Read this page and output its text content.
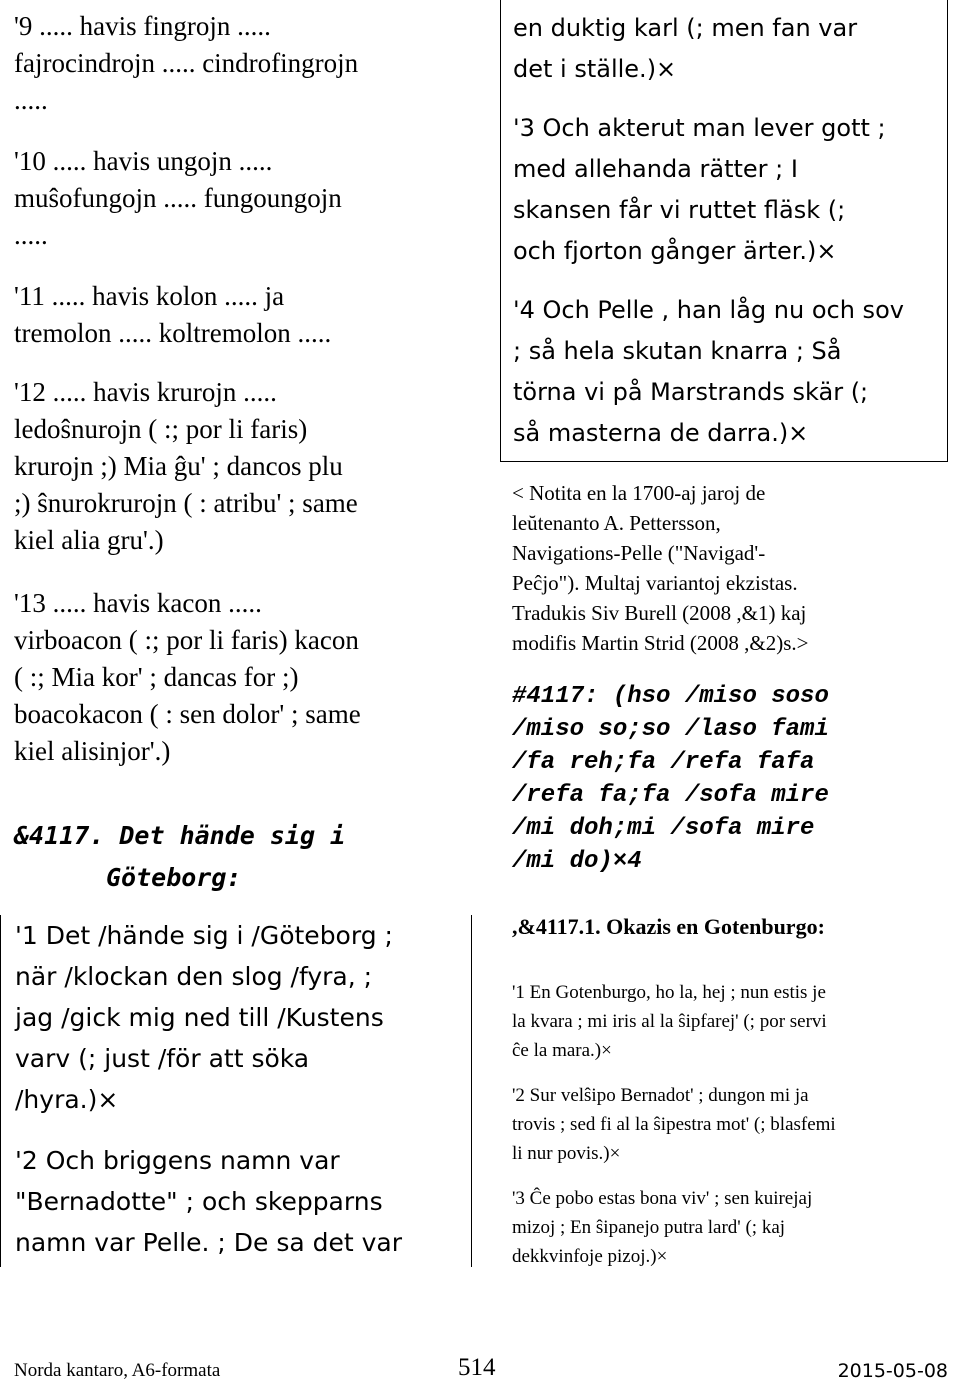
'9 ..... havis fingrojn .....
fajrocindrojn ..... cindrofingrojn
.....

'10 ..... havis ungojn .....
muŝofungojn ..... fungoungojn
.....

'11 ..... havis kolon ..... ja
tremolon ..... koltremolon .....

'12 ..... havis krurojn .....
ledoŝnurojn ( :; por li faris)
krurojn ;) Mia ĝu' ; dancos plu
;) ŝnurokrurojn ( : atribu' ; same
kiel alia gru'.)

'13 ..... havis kacon .....
virboacon ( :; por li faris) kacon
( :; Mia kor' ; dancas for ;)
boacokacon ( : sen dolor' ; same
kiel alisinjor'.)

&4117. Det hände sig i
Göteborg:

'1 Det /hände sig i /Göteborg ;
när /klockan den slog /fyra, ;
jag /gick mig ned till /Kustens
varv (; just /för att söka
/hyra.)×

'2 Och briggens namn var
"Bernadotte" ; och skepparns
namn var Pelle. ; De sa det var

en duktig karl (; men fan var
det i ställe.)×

'3 Och akterut man lever gott ;
med allehanda rätter ; I
skansen får vi ruttet fläsk (;
och fjorton gånger ärter.)×

'4 Och Pelle , han låg nu och sov
; så hela skutan knarra ; Så
törna vi på Marstrands skär (;
så masterna de darra.)×

< Notita en la 1700-aj jaroj de
leŭtenanto A. Pettersson,
Navigations-Pelle ("Navigad'-
Peĉjo"). Multaj variantoj ekzistas.
Tradukis Siv Burell (2008 ,&1) kaj
modifis Martin Strid (2008 ,&2)s.>

#4117: (hso /miso soso
/miso so;so /laso fami
/fa reh;fa /refa fafa
/refa fa;fa /sofa mire
/mi doh;mi /sofa mire
/mi do)×4

,&4117.1. Okazis en Gotenburgo:

'1 En Gotenburgo, ho la, hej ; nun estis je
la kvara ; mi iris al la ŝipfarej' (; por servi
ĉe la mara.)×

'2 Sur velŝipo Bernadot' ; dungon mi ja
trovis ; sed fi al la ŝipestra mot' (; blasfemi
li nur povis.)×

'3 Ĉe pobo estas bona viv' ; sen kuirejaj
mizoj ; En ŝipanejo putra lard' (; kaj
dekkvinfoje pizoj.)×

Norda kantaro, A6-formata	514	2015-05-08
